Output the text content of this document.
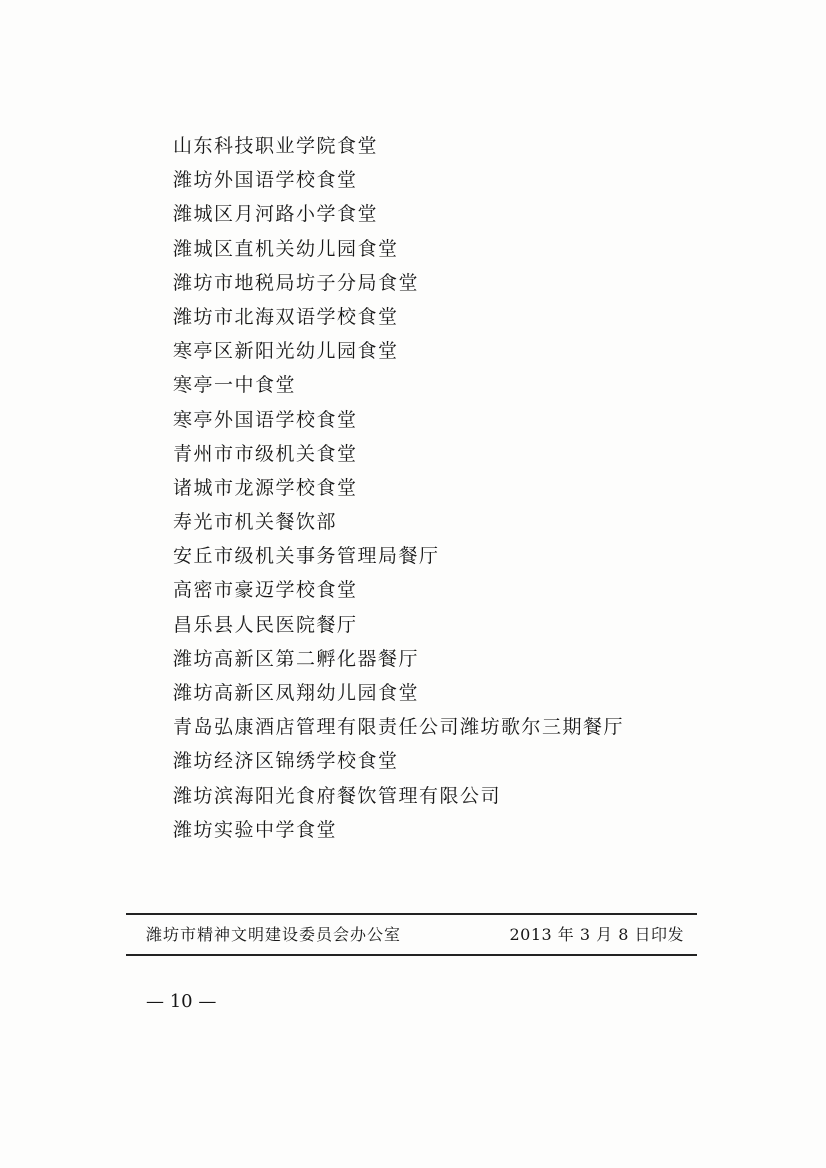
山东科技职业学院食堂
潍坊外国语学校食堂
潍城区月河路小学食堂
潍城区直机关幼儿园食堂
潍坊市地税局坊子分局食堂
潍坊市北海双语学校食堂
寒亭区新阳光幼儿园食堂
寒亭一中食堂
寒亭外国语学校食堂
青州市市级机关食堂
诸城市龙源学校食堂
寿光市机关餐饮部
安丘市级机关事务管理局餐厅
高密市豪迈学校食堂
昌乐县人民医院餐厅
潍坊高新区第二孵化器餐厅
潍坊高新区凤翔幼儿园食堂
青岛弘康酒店管理有限责任公司潍坊歌尔三期餐厅
潍坊经济区锦绣学校食堂
潍坊滨海阳光食府餐饮管理有限公司
潍坊实验中学食堂
潍坊市精神文明建设委员会办公室	2013 年 3 月 8 日印发
— 10 —
